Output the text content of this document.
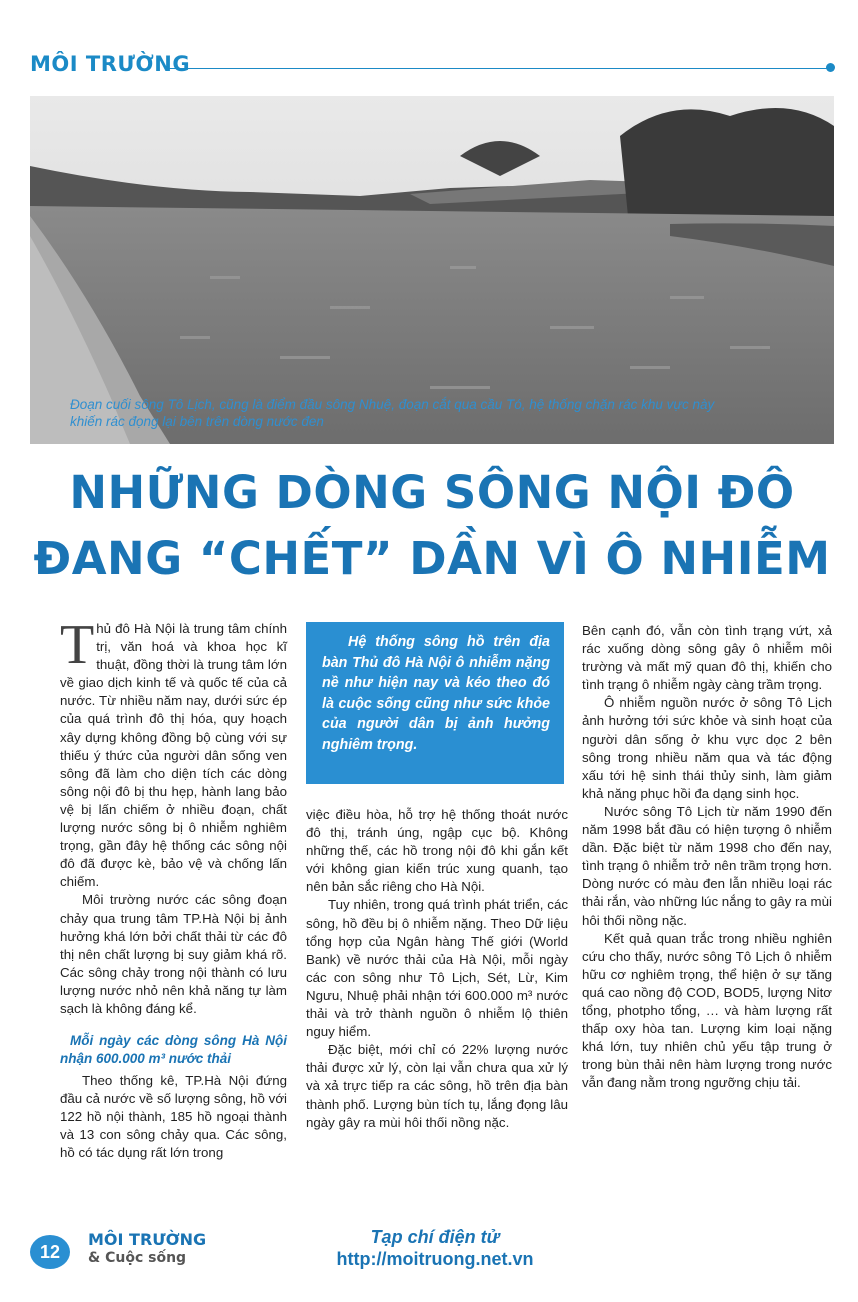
MÔI TRƯỜNG
Đoạn cuối sông Tô Lịch, cũng là điểm đầu sông Nhuệ, đoạn cắt qua cầu Tó, hệ thống chặn rác khu vực này khiến rác đọng lại bên trên dòng nước đen
NHỮNG DÒNG SÔNG NỘI ĐÔ
ĐANG “CHẾT” DẦN VÌ Ô NHIỄM

Thủ đô Hà Nội là trung tâm chính trị, văn hoá và khoa học kĩ thuật, đồng thời là trung tâm lớn về giao dịch kinh tế và quốc tế của cả nước. Từ nhiều năm nay, dưới sức ép của quá trình đô thị hóa, quy hoạch xây dựng không đồng bộ cùng với sự thiếu ý thức của người dân sống ven sông đã làm cho diện tích các dòng sông nội đô bị thu hẹp, hành lang bảo vệ bị lấn chiếm ở nhiều đoạn, chất lượng nước sông bị ô nhiễm nghiêm trọng, gần đây hệ thống các sông nội đô đã được kè, bảo vệ và chống lấn chiếm.

Môi trường nước các sông đoạn chảy qua trung tâm TP.Hà Nội bị ảnh hưởng khá lớn bởi chất thải từ các đô thị nên chất lượng bị suy giảm khá rõ. Các sông chảy trong nội thành có lưu lượng nước nhỏ nên khả năng tự làm sạch là không đáng kể.

Mỗi ngày các dòng sông Hà Nội nhận 600.000 m³ nước thải

Theo thống kê, TP.Hà Nội đứng đầu cả nước về số lượng sông, hồ với 122 hồ nội thành, 185 hồ ngoại thành và 13 con sông chảy qua. Các sông, hồ có tác dụng rất lớn trong

Hệ thống sông hồ trên địa bàn Thủ đô Hà Nội ô nhiễm nặng nề như hiện nay và kéo theo đó là cuộc sống cũng như sức khỏe của người dân bị ảnh hưởng nghiêm trọng.

việc điều hòa, hỗ trợ hệ thống thoát nước đô thị, tránh úng, ngập cục bộ. Không những thế, các hồ trong nội đô khi gắn kết với không gian kiến trúc xung quanh, tạo nên bản sắc riêng cho Hà Nội.

Tuy nhiên, trong quá trình phát triển, các sông, hồ đều bị ô nhiễm nặng. Theo Dữ liệu tổng hợp của Ngân hàng Thế giới (World Bank) về nước thải của Hà Nội, mỗi ngày các con sông như Tô Lịch, Sét, Lừ, Kim Ngưu, Nhuệ phải nhận tới 600.000 m³ nước thải và trở thành nguồn ô nhiễm lộ thiên nguy hiểm.

Đặc biệt, mới chỉ có 22% lượng nước thải được xử lý, còn lại vẫn chưa qua xử lý và xả trực tiếp ra các sông, hồ trên địa bàn thành phố. Lượng bùn tích tụ, lắng đọng lâu ngày gây ra mùi hôi thối nồng nặc.

Bên cạnh đó, vẫn còn tình trạng vứt, xả rác xuống dòng sông gây ô nhiễm môi trường và mất mỹ quan đô thị, khiến cho tình trạng ô nhiễm ngày càng trầm trọng.

Ô nhiễm nguồn nước ở sông Tô Lịch ảnh hưởng tới sức khỏe và sinh hoạt của người dân sống ở khu vực dọc 2 bên sông trong nhiều năm qua và tác động xấu tới hệ sinh thái thủy sinh, làm giảm khả năng phục hồi đa dạng sinh học.

Nước sông Tô Lịch từ năm 1990 đến năm 1998 bắt đầu có hiện tượng ô nhiễm dần. Đặc biệt từ năm 1998 cho đến nay, tình trạng ô nhiễm trở nên trầm trọng hơn. Dòng nước có màu đen lẫn nhiều loại rác thải rắn, vào những lúc nắng to gây ra mùi hôi thối nồng nặc.

Kết quả quan trắc trong nhiều nghiên cứu cho thấy, nước sông Tô Lịch ô nhiễm hữu cơ nghiêm trọng, thể hiện ở sự tăng quá cao nồng độ COD, BOD5, lượng Nitơ tổng, photpho tổng, … và hàm lượng rất thấp oxy hòa tan. Lượng kim loại nặng khá lớn, tuy nhiên chủ yếu tập trung ở trong bùn thải nên hàm lượng trong nước vẫn đang nằm trong ngưỡng chịu tải.

12
MÔI TRƯỜNG
& Cuộc sống
Tạp chí điện tử
http://moitruong.net.vn
